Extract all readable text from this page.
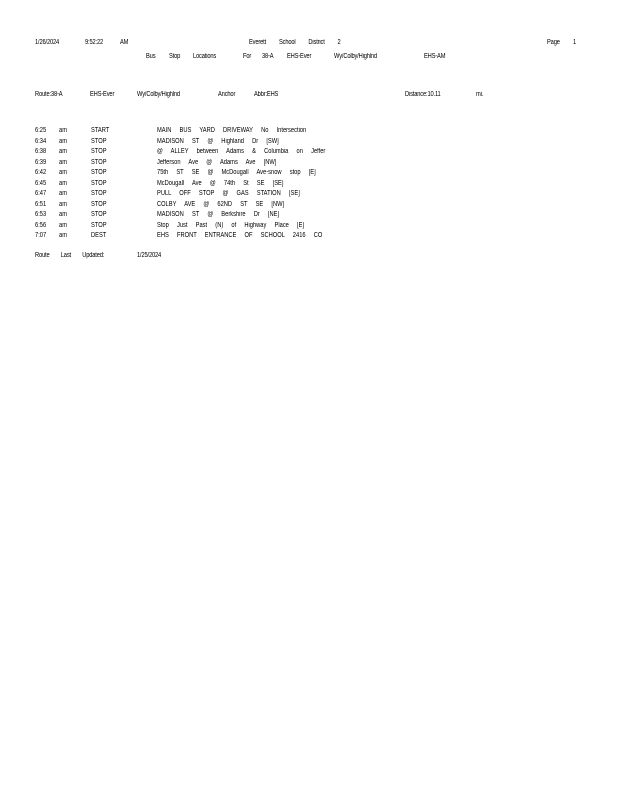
1/26/2024	9:52:22 AM	Everett School District 2	Page 1
Bus Stop Locations	For 38-A EHS-Ever	Wy/Colby/Highlnd	EHS-AM
Route:38-A	EHS-Ever	Wy/Colby/Highlnd	Anchor	Abbr:EHS	Distance:10.11	mi.
6:25 am	START	MAIN BUS YARD DRIVEWAY No Intersection
6:34 am	STOP	MADISON ST @ Highland Dr [SW]
6:38 am	STOP	@ ALLEY between Adams & Columbia on Jeffer
6:39 am	STOP	Jefferson Ave @ Adams Ave [NW]
6:42 am	STOP	75th ST SE @ McDougall Ave-snow stop [E]
6:45 am	STOP	McDougall Ave @ 74th St SE [SE]
6:47 am	STOP	PULL OFF STOP @ GAS STATION [SE]
6:51 am	STOP	COLBY AVE @ 62ND ST SE [NW]
6:53 am	STOP	MADISON ST @ Berkshire Dr [NE]
6:56 am	STOP	Stop Just Past (N) of Highway Place [E]
7:07 am	DEST	EHS FRONT ENTRANCE OF SCHOOL 2416 CO
Route Last Updated:	1/25/2024
